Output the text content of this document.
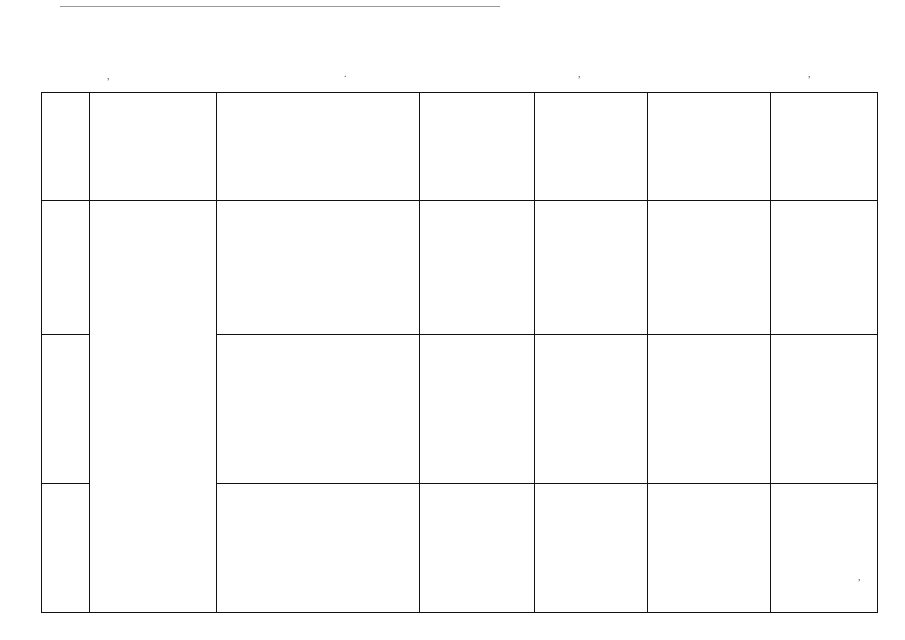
,	.	,	,

,
